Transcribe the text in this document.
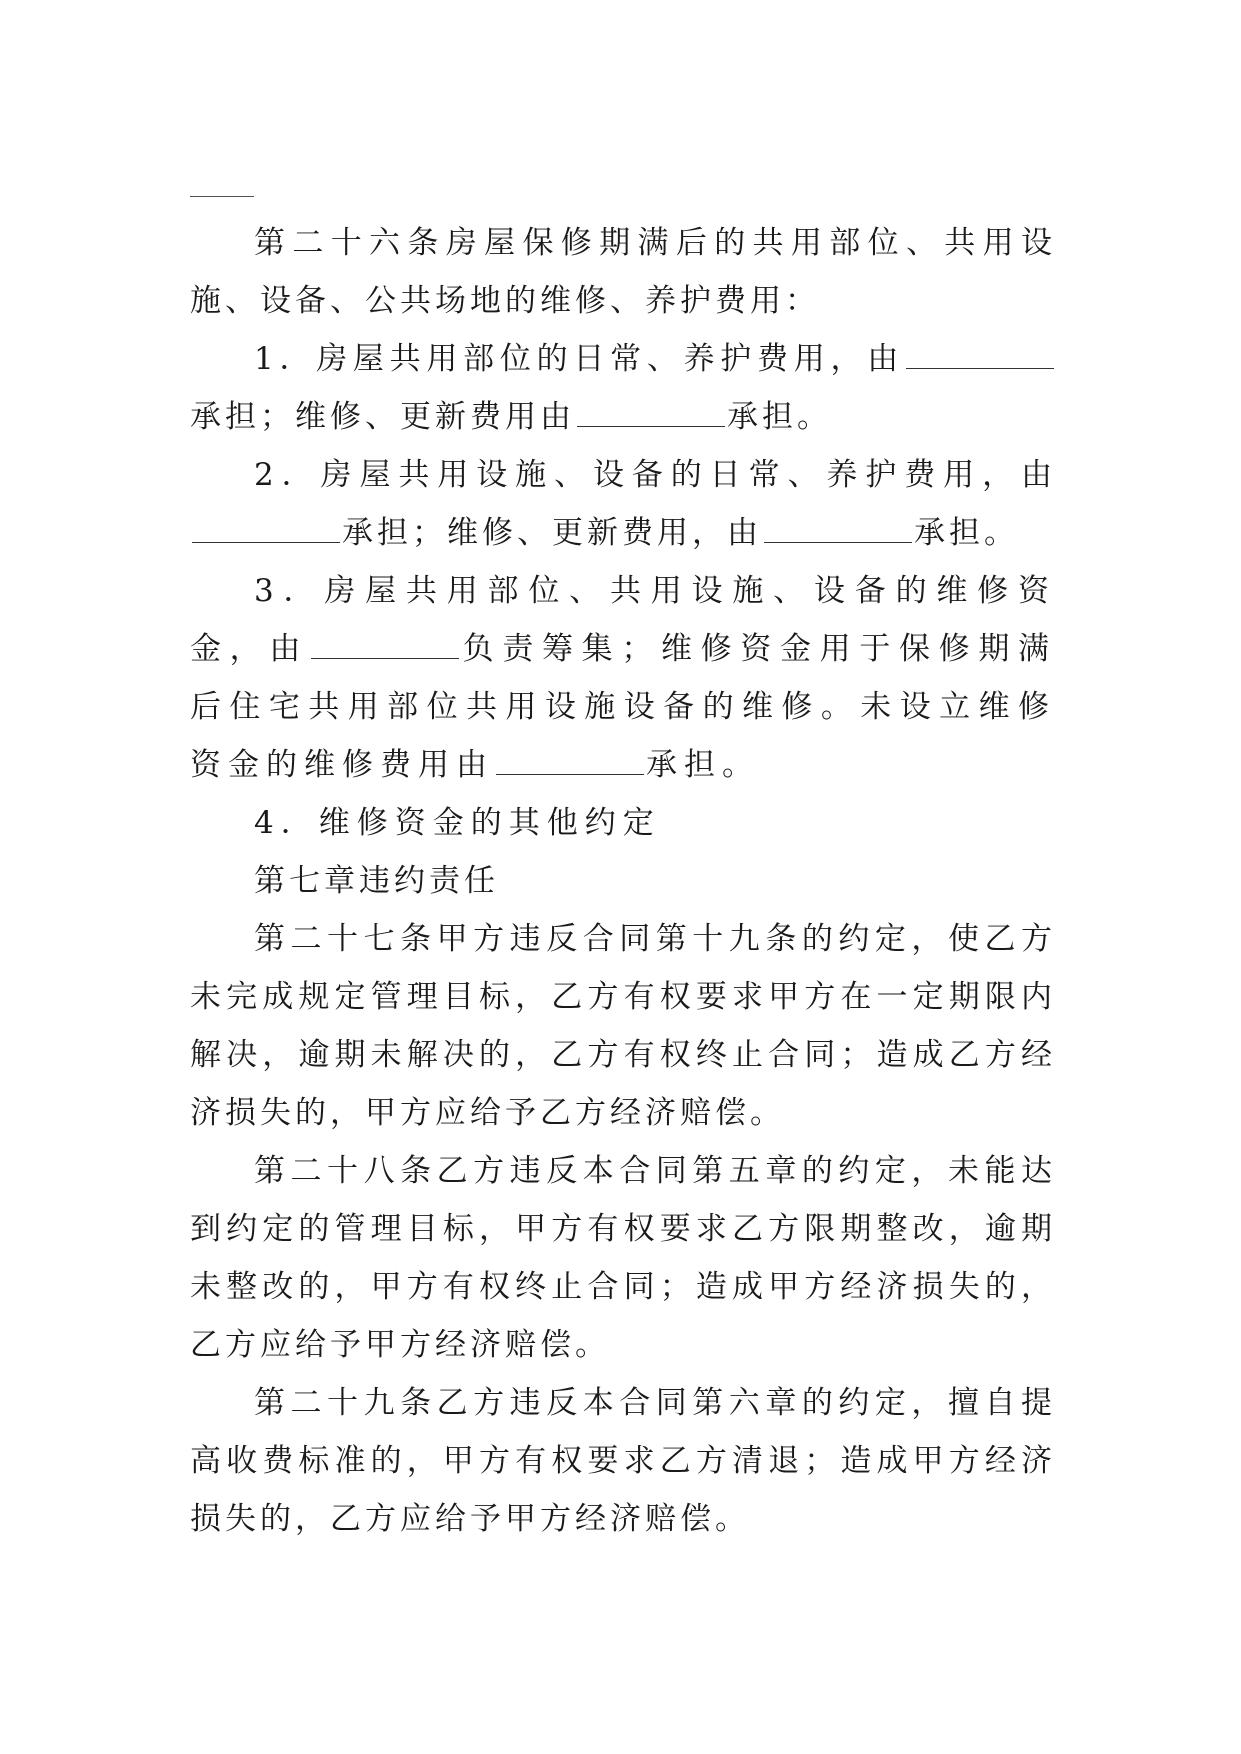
第二十六条房屋保修期满后的共用部位、共用设施、设备、公共场地的维修、养护费用：

1．房屋共用部位的日常、养护费用，由承担；维修、更新费用由	承担。

2．房屋共用设施、设备的日常、养护费用，由承担；维修、更新费用，由	承担。

3．房屋共用部位、共用设施、设备的维修资金，由	负责筹集；维修资金用于保修期满后住宅共用部位共用设施设备的维修。未设立维修资金的维修费用由	承担。

4．维修资金的其他约定

第七章违约责任

第二十七条甲方违反合同第十九条的约定，使乙方未完成规定管理目标，乙方有权要求甲方在一定期限内解决，逾期未解决的，乙方有权终止合同；造成乙方经济损失的，甲方应给予乙方经济赔偿。

第二十八条乙方违反本合同第五章的约定，未能达到约定的管理目标，甲方有权要求乙方限期整改，逾期未整改的，甲方有权终止合同；造成甲方经济损失的，乙方应给予甲方经济赔偿。

第二十九条乙方违反本合同第六章的约定，擅自提高收费标准的，甲方有权要求乙方清退；造成甲方经济损失的，乙方应给予甲方经济赔偿。
